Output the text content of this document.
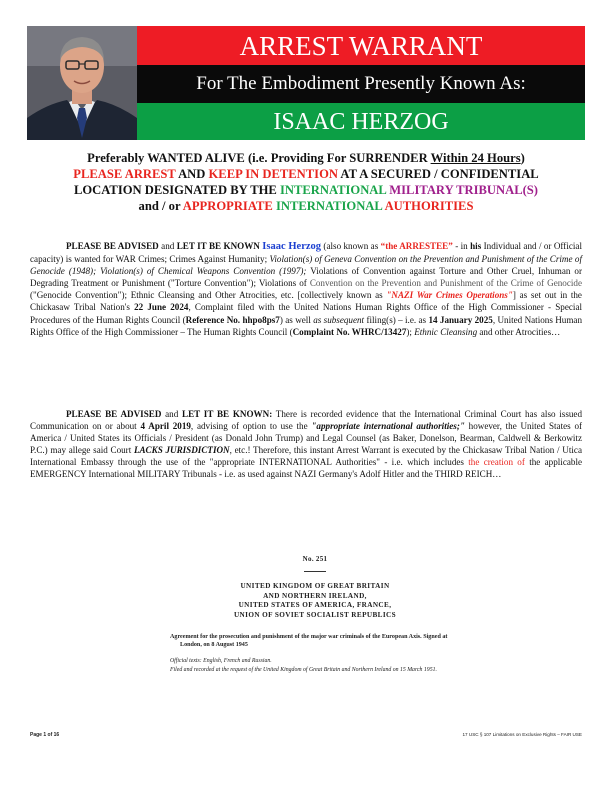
ARREST WARRANT
For The Embodiment Presently Known As:
ISAAC HERZOG
Preferably WANTED ALIVE (i.e. Providing For SURRENDER Within 24 Hours)
PLEASE ARREST AND KEEP IN DETENTION AT A SECURED / CONFIDENTIAL
LOCATION DESIGNATED BY THE INTERNATIONAL MILITARY TRIBUNAL(S)
and / or APPROPRIATE INTERNATIONAL AUTHORITIES
PLEASE BE ADVISED and LET IT BE KNOWN Isaac Herzog (also known as “the ARRESTEE” - in his Individual and / or Official capacity) is wanted for WAR Crimes; Crimes Against Humanity; Violation(s) of Geneva Convention on the Prevention and Punishment of the Crime of Genocide (1948); Violation(s) of Chemical Weapons Convention (1997); Violations of Convention against Torture and Other Cruel, Inhuman or Degrading Treatment or Punishment ("Torture Convention"); Violations of Convention on the Prevention and Punishment of the Crime of Genocide ("Genocide Convention"); Ethnic Cleansing and Other Atrocities, etc. [collectively known as "NAZI War Crimes Operations"] as set out in the Chickasaw Tribal Nation's 22 June 2024, Complaint filed with the United Nations Human Rights Office of the High Commissioner - Special Procedures of the Human Rights Council (Reference No. hhpo8ps7) as well as subsequent filing(s) – i.e. as 14 January 2025, United Nations Human Rights Office of the High Commissioner – The Human Rights Council (Complaint No. WHRC/13427); Ethnic Cleansing and other Atrocities…
PLEASE BE ADVISED and LET IT BE KNOWN: There is recorded evidence that the International Criminal Court has also issued Communication on or about 4 April 2019, advising of option to use the "appropriate international authorities;" however, the United States of America / United States its Officials / President (as Donald John Trump) and Legal Counsel (as Baker, Donelson, Bearman, Caldwell & Berkowitz P.C.) may allege said Court LACKS JURISDICTION, etc.! Therefore, this instant Arrest Warrant is executed by the Chickasaw Tribal Nation / Utica International Embassy through the use of the "appropriate INTERNATIONAL Authorities" - i.e. which includes the creation of the applicable EMERGENCY International MILITARY Tribunals - i.e. as used against NAZI Germany's Adolf Hitler and the THIRD REICH…
No. 251
UNITED KINGDOM OF GREAT BRITAIN
AND NORTHERN IRELAND,
UNITED STATES OF AMERICA, FRANCE,
UNION OF SOVIET SOCIALIST REPUBLICS
Agreement for the prosecution and punishment of the major war criminals of the European Axis. Signed at London, on 8 August 1945
Official texts: English, French and Russian.
Filed and recorded at the request of the United Kingdom of Great Britain and Northern Ireland on 15 March 1951.
Page 1 of 16	17 USC § 107 Limitations on Exclusive Rights – FAIR USE
